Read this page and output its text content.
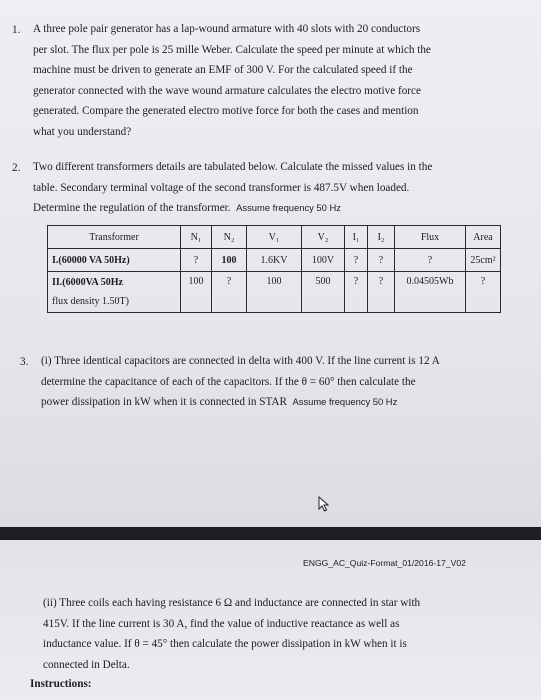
1. A three pole pair generator has a lap-wound armature with 40 slots with 20 conductors
per slot. The flux per pole is 25 mille Weber. Calculate the speed per minute at which the
machine must be driven to generate an EMF of 300 V. For the calculated speed if the
generator connected with the wave wound armature calculates the electro motive force
generated. Compare the generated electro motive force for both the cases and mention
what you understand?
2. Two different transformers details are tabulated below. Calculate the missed values in the
table. Secondary terminal voltage of the second transformer is 487.5V when loaded.
Determine the regulation of the transformer. Assume frequency 50 Hz
Transformer	N₁	N₂	V₁	V₂	I₁	I₂	Flux	Area
I.(60000 VA 50Hz)	?	100	1.6KV	100V	?	?	?	25cm²
II.(6000VA 50Hz
flux density 1.50T)	100	?	100	500	?	?	0.04505Wb	?
3. (i) Three identical capacitors are connected in delta with 400 V. If the line current is 12 A
determine the capacitance of each of the capacitors. If the θ = 60° then calculate the
power dissipation in kW when it is connected in STAR Assume frequency 50 Hz
ENGG_AC_Quiz-Format_01/2016-17_V02
(ii) Three coils each having resistance 6 Ω and inductance are connected in star with
415V. If the line current is 30 A, find the value of inductive reactance as well as
inductance value. If θ = 45° then calculate the power dissipation in kW when it is
connected in Delta.
Instructions:
